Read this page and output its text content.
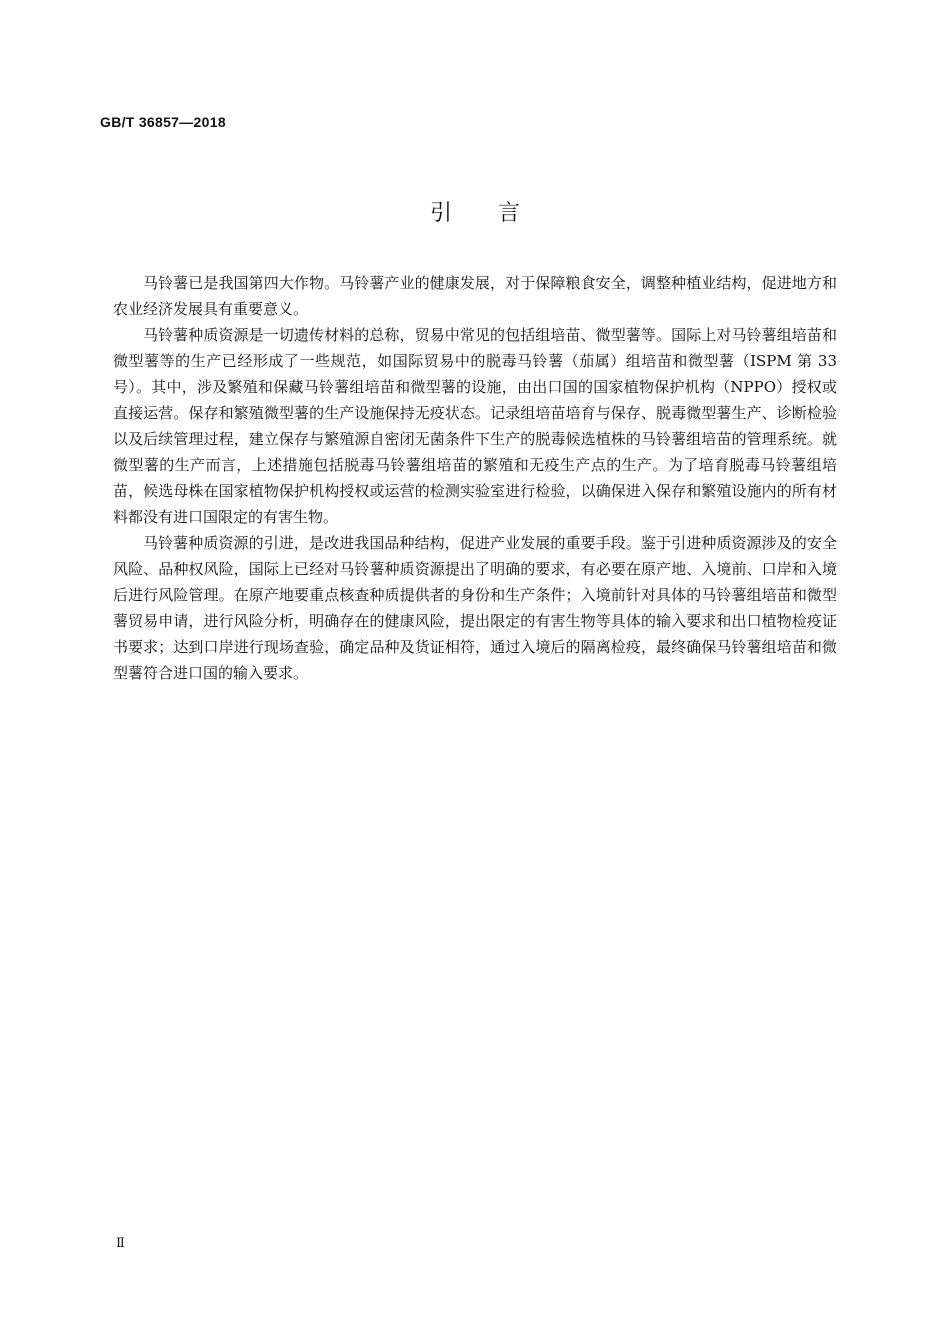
GB/T 36857—2018

引言

马铃薯已是我国第四大作物。马铃薯产业的健康发展，对于保障粮食安全，调整种植业结构，促进地方和农业经济发展具有重要意义。

马铃薯种质资源是一切遗传材料的总称，贸易中常见的包括组培苗、微型薯等。国际上对马铃薯组培苗和微型薯等的生产已经形成了一些规范，如国际贸易中的脱毒马铃薯（茄属）组培苗和微型薯（ISPM 第 33 号）。其中，涉及繁殖和保藏马铃薯组培苗和微型薯的设施，由出口国的国家植物保护机构（NPPO）授权或直接运营。保存和繁殖微型薯的生产设施保持无疫状态。记录组培苗培育与保存、脱毒微型薯生产、诊断检验以及后续管理过程，建立保存与繁殖源自密闭无菌条件下生产的脱毒候选植株的马铃薯组培苗的管理系统。就微型薯的生产而言，上述措施包括脱毒马铃薯组培苗的繁殖和无疫生产点的生产。为了培育脱毒马铃薯组培苗，候选母株在国家植物保护机构授权或运营的检测实验室进行检验，以确保进入保存和繁殖设施内的所有材料都没有进口国限定的有害生物。

马铃薯种质资源的引进，是改进我国品种结构，促进产业发展的重要手段。鉴于引进种质资源涉及的安全风险、品种权风险，国际上已经对马铃薯种质资源提出了明确的要求，有必要在原产地、入境前、口岸和入境后进行风险管理。在原产地要重点核查种质提供者的身份和生产条件；入境前针对具体的马铃薯组培苗和微型薯贸易申请，进行风险分析，明确存在的健康风险，提出限定的有害生物等具体的输入要求和出口植物检疫证书要求；达到口岸进行现场查验，确定品种及货证相符，通过入境后的隔离检疫，最终确保马铃薯组培苗和微型薯符合进口国的输入要求。

Ⅱ
